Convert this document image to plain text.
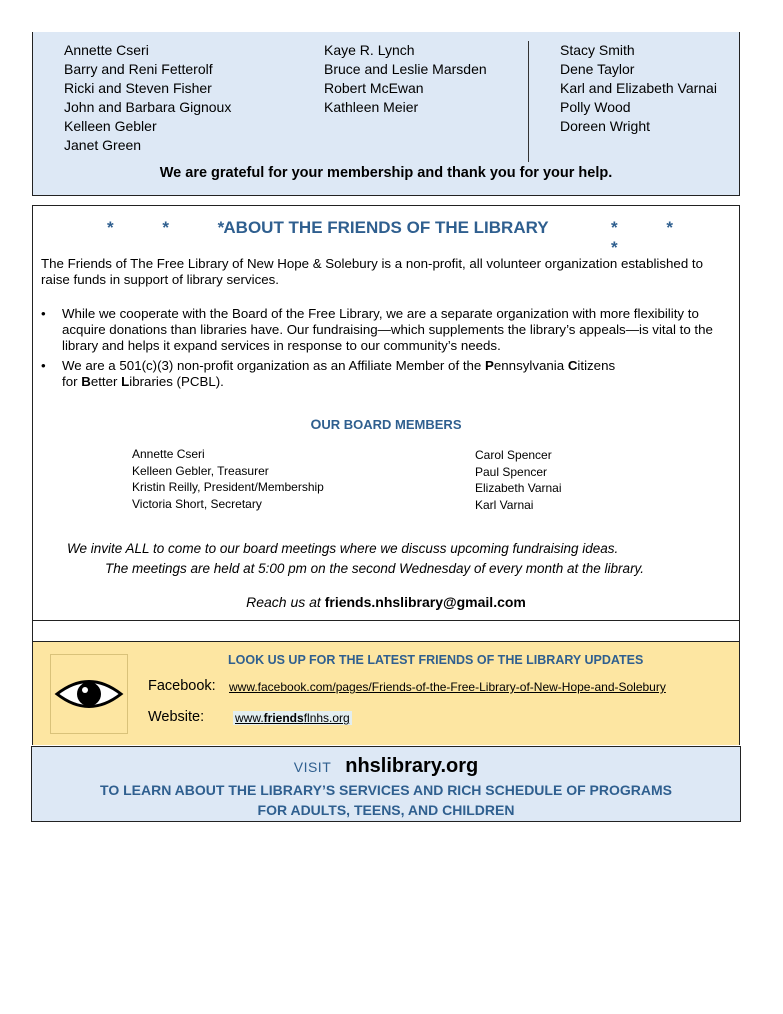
Annette Cseri
Barry and Reni Fetterolf
Ricki and Steven Fisher
John and Barbara Gignoux
Kelleen Gebler
Janet Green
Kaye R. Lynch
Bruce and Leslie Marsden
Robert McEwan
Kathleen Meier
Stacy Smith
Dene Taylor
Karl and Elizabeth Varnai
Polly Wood
Doreen Wright
We are grateful for your membership and thank you for your help.
* * *
ABOUT THE FRIENDS OF THE LIBRARY	* * *
The Friends of The Free Library of New Hope & Solebury is a non-profit, all volunteer organization established to raise funds in support of library services.
• While we cooperate with the Board of the Free Library, we are a separate organization with more flexibility to acquire donations than libraries have. Our fundraising—which supplements the library’s appeals—is vital to the library and helps it expand services in response to our community’s needs.
• We are a 501(c)(3) non-profit organization as an Affiliate Member of the Pennsylvania Citizens
for Better Libraries (PCBL).
OUR BOARD MEMBERS
Annette Cseri
Kelleen Gebler, Treasurer
Kristin Reilly, President/Membership
Victoria Short, Secretary
Carol Spencer
Paul Spencer
Elizabeth Varnai
Karl Varnai
We invite ALL to come to our board meetings where we discuss upcoming fundraising ideas.
The meetings are held at 5:00 pm on the second Wednesday of every month at the library.
Reach us at friends.nhslibrary@gmail.com
LOOK US UP FOR THE LATEST FRIENDS OF THE LIBRARY UPDATES
Facebook: www.facebook.com/pages/Friends-of-the-Free-Library-of-New-Hope-and-Solebury
Website:	www.friendsflnhs.org
VISIT nhslibrary.org
TO LEARN ABOUT THE LIBRARY’S SERVICES AND RICH SCHEDULE OF PROGRAMS
FOR ADULTS, TEENS, AND CHILDREN
